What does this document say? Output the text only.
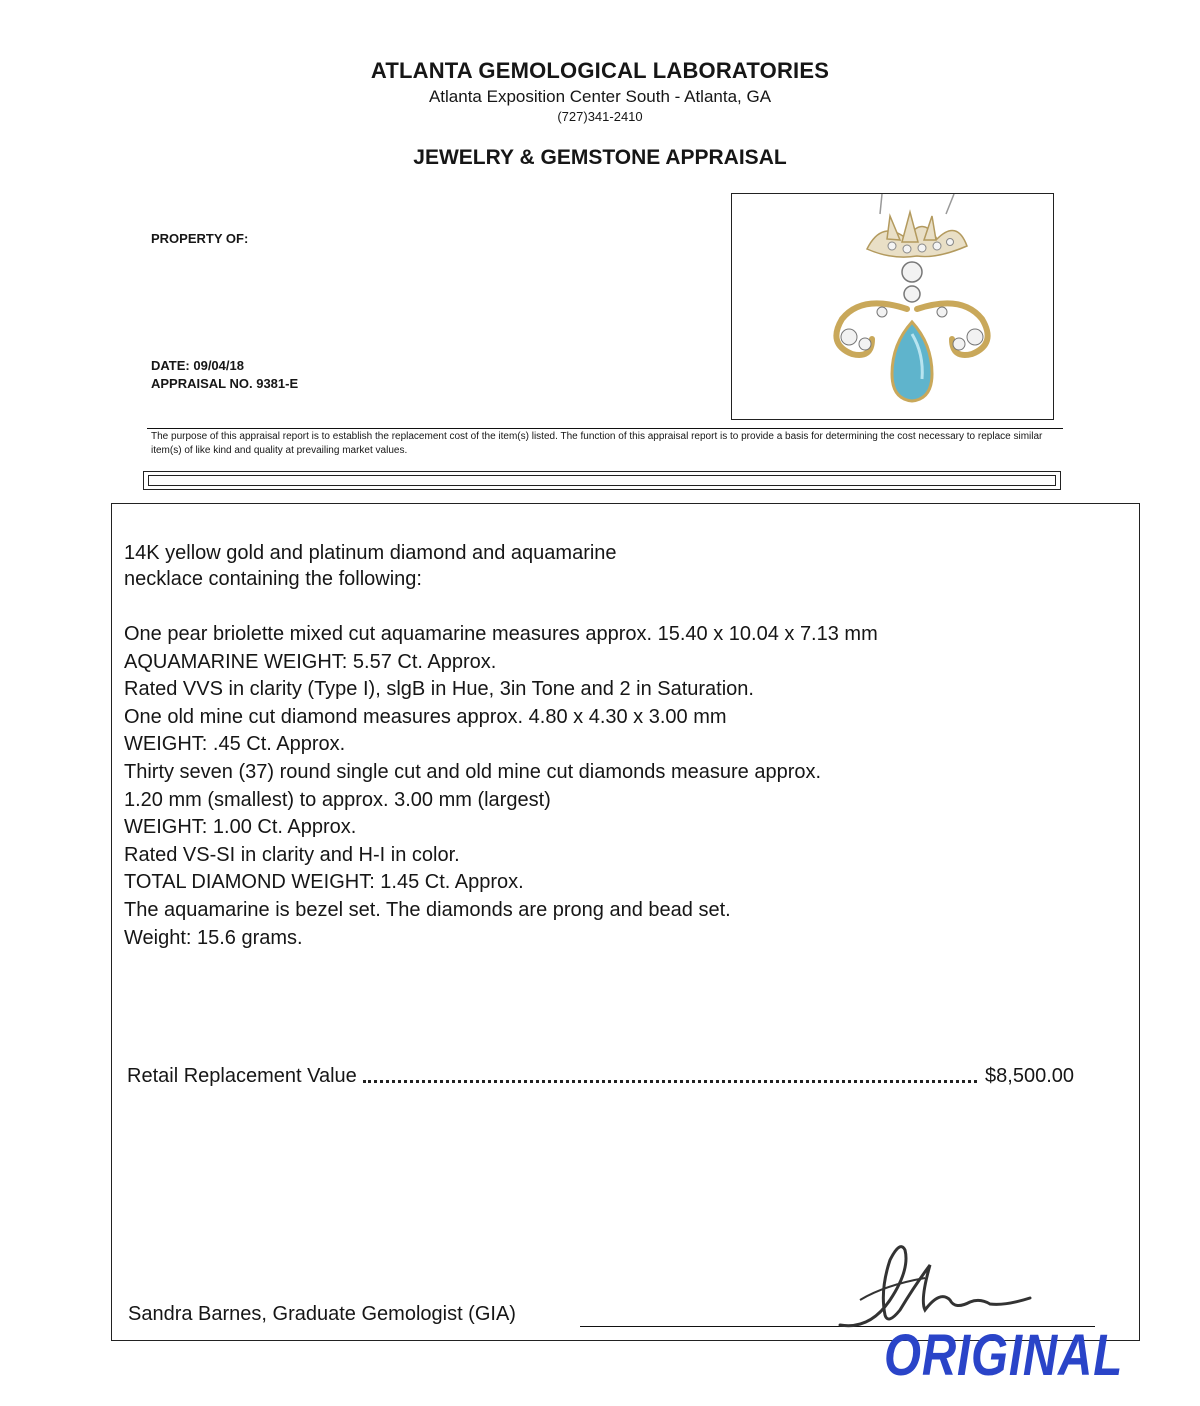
ATLANTA GEMOLOGICAL LABORATORIES
Atlanta Exposition Center South - Atlanta, GA
(727)341-2410
JEWELRY & GEMSTONE APPRAISAL
PROPERTY OF:
DATE: 09/04/18
APPRAISAL NO. 9381-E
The purpose of this appraisal report is to establish the replacement cost of the item(s) listed. The function of this appraisal report is to provide a basis for determining the cost necessary to replace similar item(s) of like kind and quality at prevailing market values.
14K yellow gold and platinum diamond and aquamarine
necklace containing the following:
One pear briolette mixed cut aquamarine measures approx. 15.40 x 10.04 x 7.13 mm
AQUAMARINE WEIGHT: 5.57 Ct. Approx.
Rated VVS in clarity (Type I), slgB in Hue, 3in Tone and 2 in Saturation.
One old mine cut diamond measures approx. 4.80 x 4.30 x 3.00 mm
WEIGHT: .45 Ct. Approx.
Thirty seven (37) round single cut and old mine cut diamonds measure approx.
1.20 mm (smallest) to approx. 3.00 mm (largest)
WEIGHT: 1.00 Ct. Approx.
Rated VS-SI in clarity and H-I in color.
TOTAL DIAMOND WEIGHT: 1.45 Ct. Approx.
The aquamarine is bezel set. The diamonds are prong and bead set.
Weight: 15.6 grams.
Retail Replacement Value	$8,500.00
Sandra Barnes, Graduate Gemologist (GIA)
ORIGINAL
